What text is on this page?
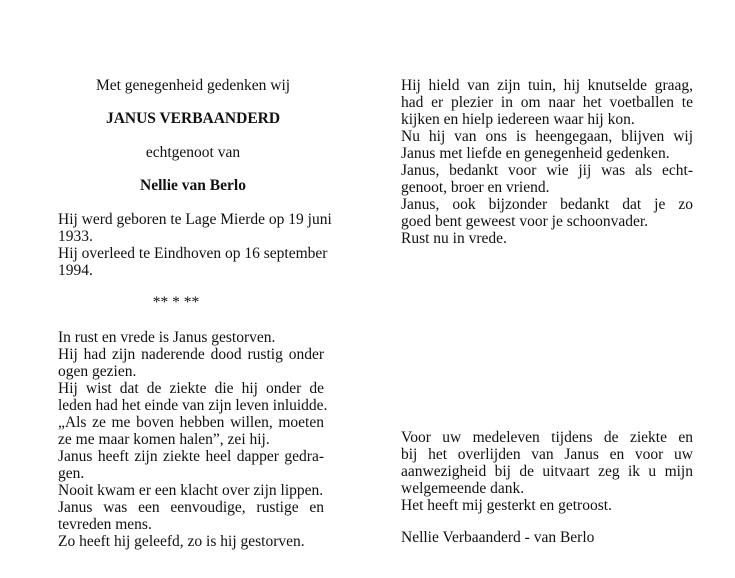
Met genegenheid gedenken wij
JANUS VERBAANDERD
echtgenoot van
Nellie van Berlo
Hij werd geboren te Lage Mierde op 19 juni
1933.
Hij overleed te Eindhoven op 16 september
1994.
** * **
In rust en vrede is Janus gestorven.
Hij had zijn naderende dood rustig onder
ogen gezien.
Hij wist dat de ziekte die hij onder de
leden had het einde van zijn leven inluidde.
„Als ze me boven hebben willen, moeten
ze me maar komen halen”, zei hij.
Janus heeft zijn ziekte heel dapper gedra-
gen.
Nooit kwam er een klacht over zijn lippen.
Janus was een eenvoudige, rustige en
tevreden mens.
Zo heeft hij geleefd, zo is hij gestorven.
Hij hield van zijn tuin, hij knutselde graag,
had er plezier in om naar het voetballen te
kijken en hielp iedereen waar hij kon.
Nu hij van ons is heengegaan, blijven wij
Janus met liefde en genegenheid gedenken.
Janus, bedankt voor wie jij was als echt-
genoot, broer en vriend.
Janus, ook bijzonder bedankt dat je zo
goed bent geweest voor je schoonvader.
Rust nu in vrede.
Voor uw medeleven tijdens de ziekte en
bij het overlijden van Janus en voor uw
aanwezigheid bij de uitvaart zeg ik u mijn
welgemeende dank.
Het heeft mij gesterkt en getroost.
Nellie Verbaanderd - van Berlo
